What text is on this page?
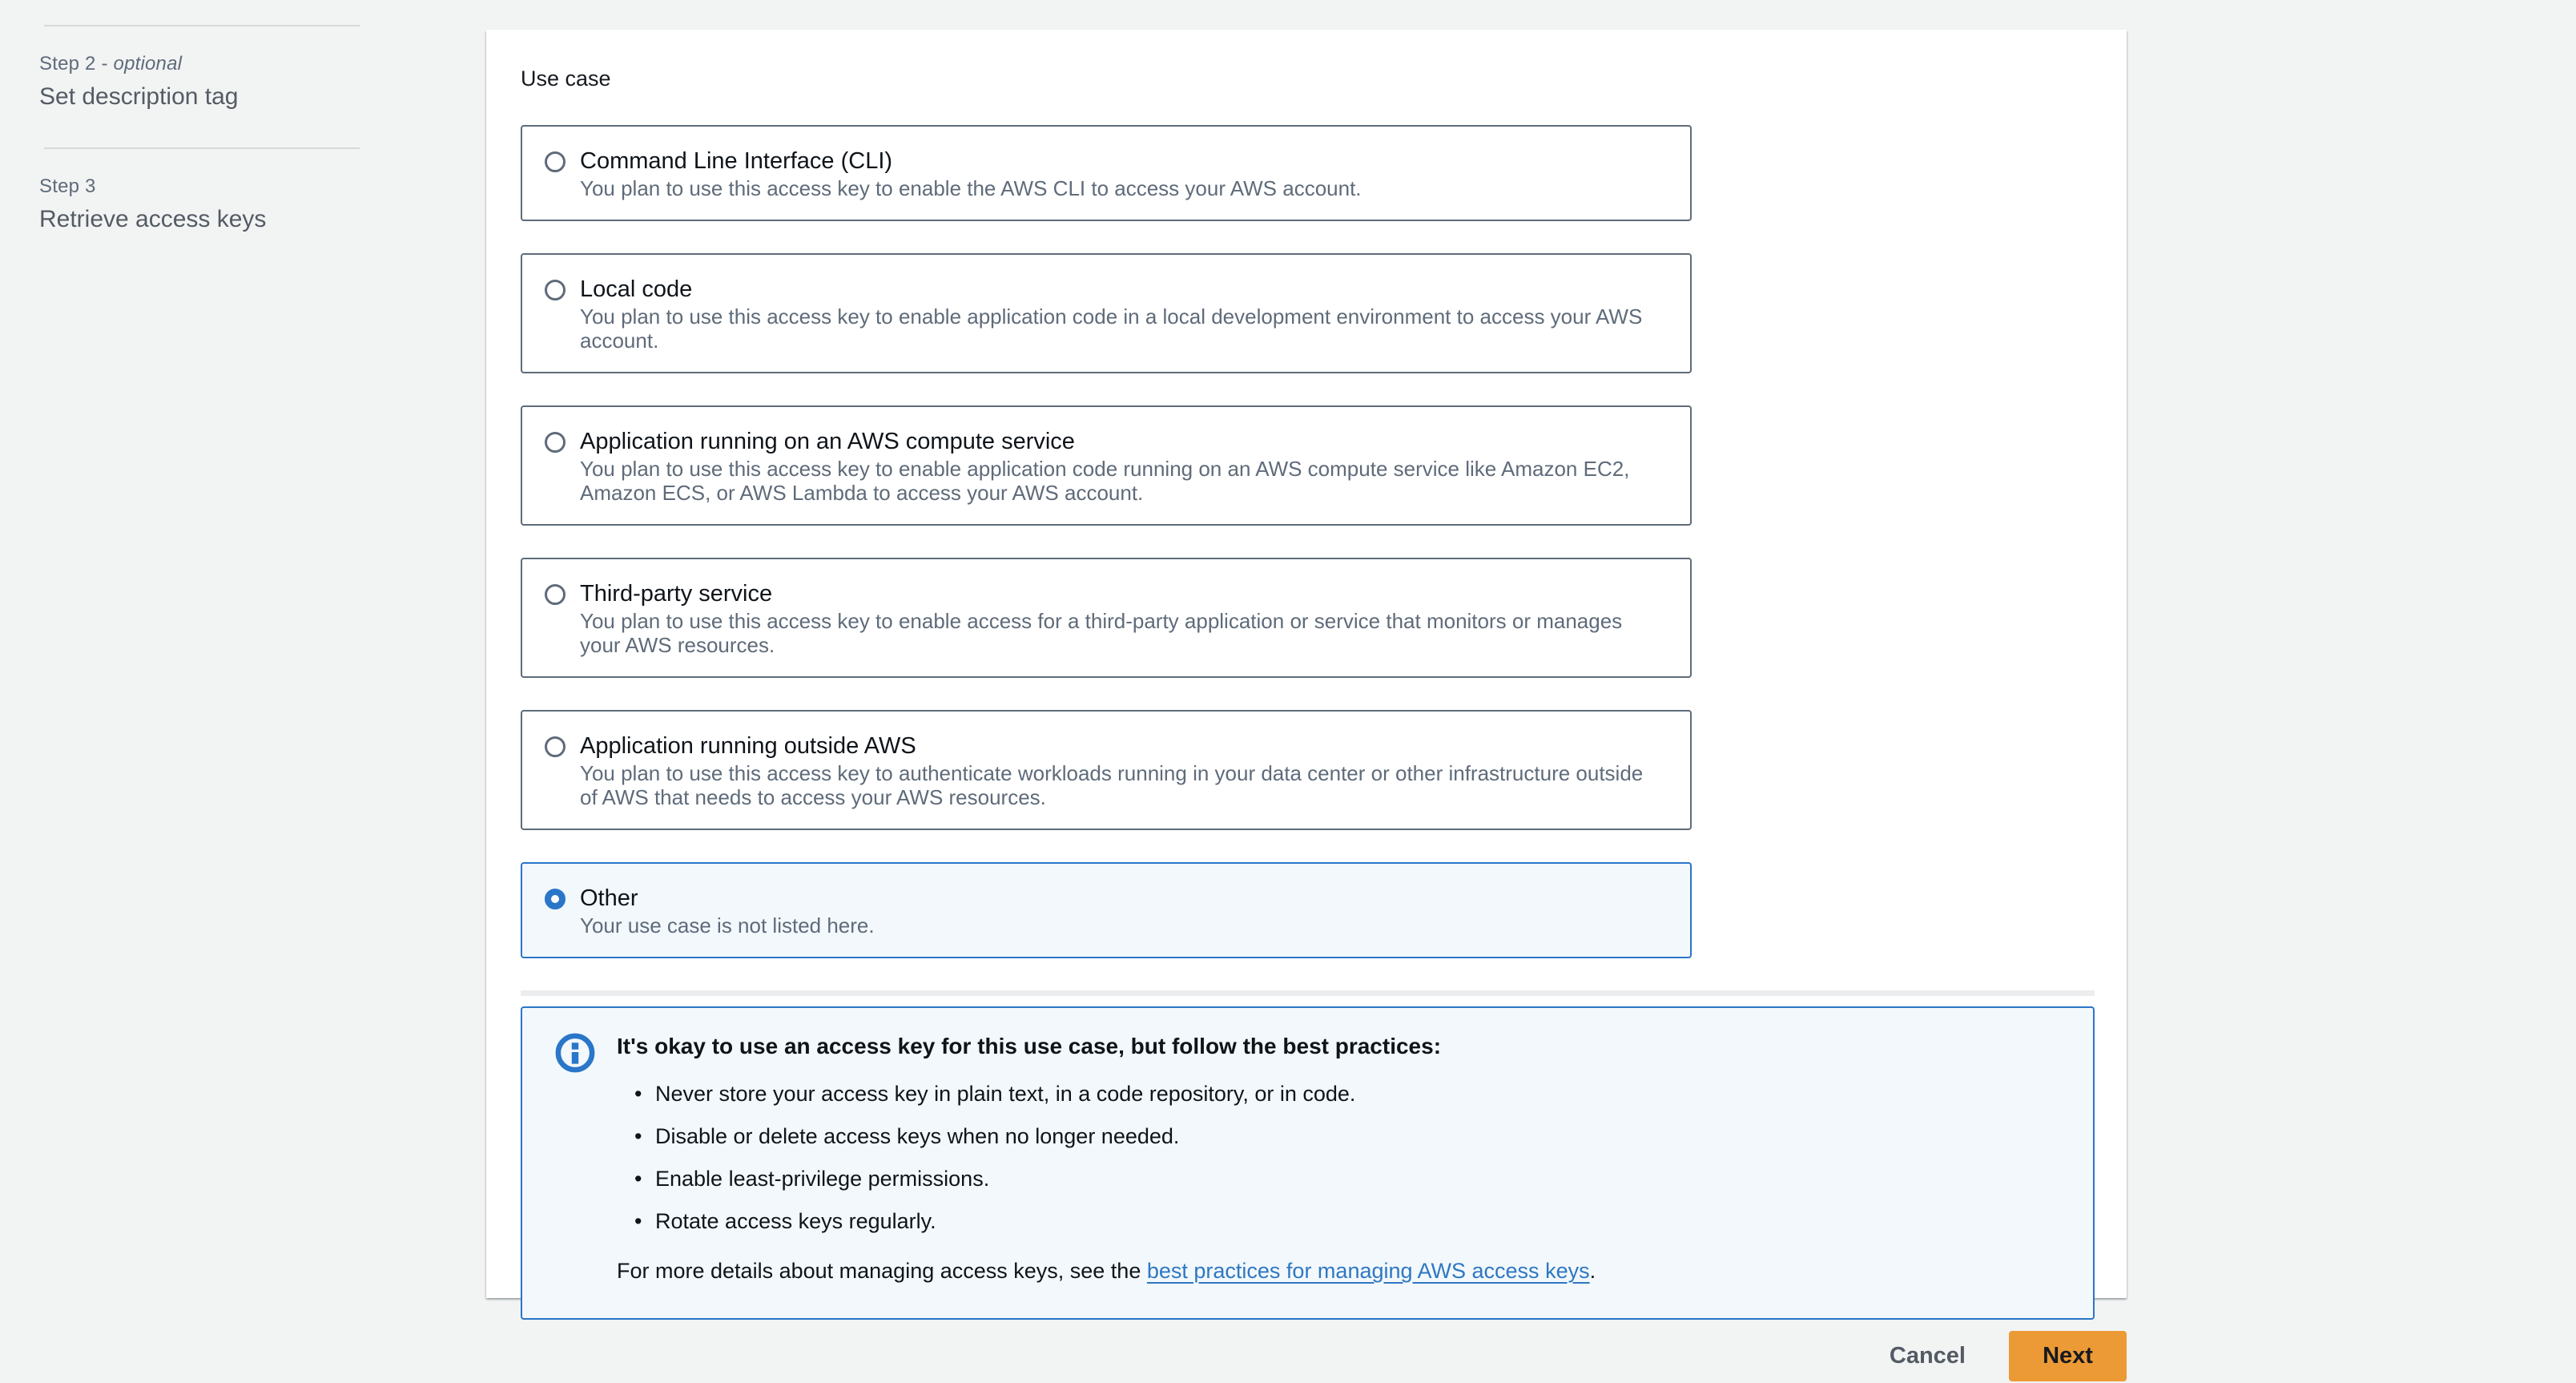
Step 2 - optional
Set description tag
Step 3
Retrieve access keys
Use case
Command Line Interface (CLI)
You plan to use this access key to enable the AWS CLI to access your AWS account.
Local code
You plan to use this access key to enable application code in a local development environment to access your AWS account.
Application running on an AWS compute service
You plan to use this access key to enable application code running on an AWS compute service like Amazon EC2, Amazon ECS, or AWS Lambda to access your AWS account.
Third-party service
You plan to use this access key to enable access for a third-party application or service that monitors or manages your AWS resources.
Application running outside AWS
You plan to use this access key to authenticate workloads running in your data center or other infrastructure outside of AWS that needs to access your AWS resources.
Other
Your use case is not listed here.
It's okay to use an access key for this use case, but follow the best practices:
• Never store your access key in plain text, in a code repository, or in code.
• Disable or delete access keys when no longer needed.
• Enable least-privilege permissions.
• Rotate access keys regularly.
For more details about managing access keys, see the best practices for managing AWS access keys.
Cancel	Next
